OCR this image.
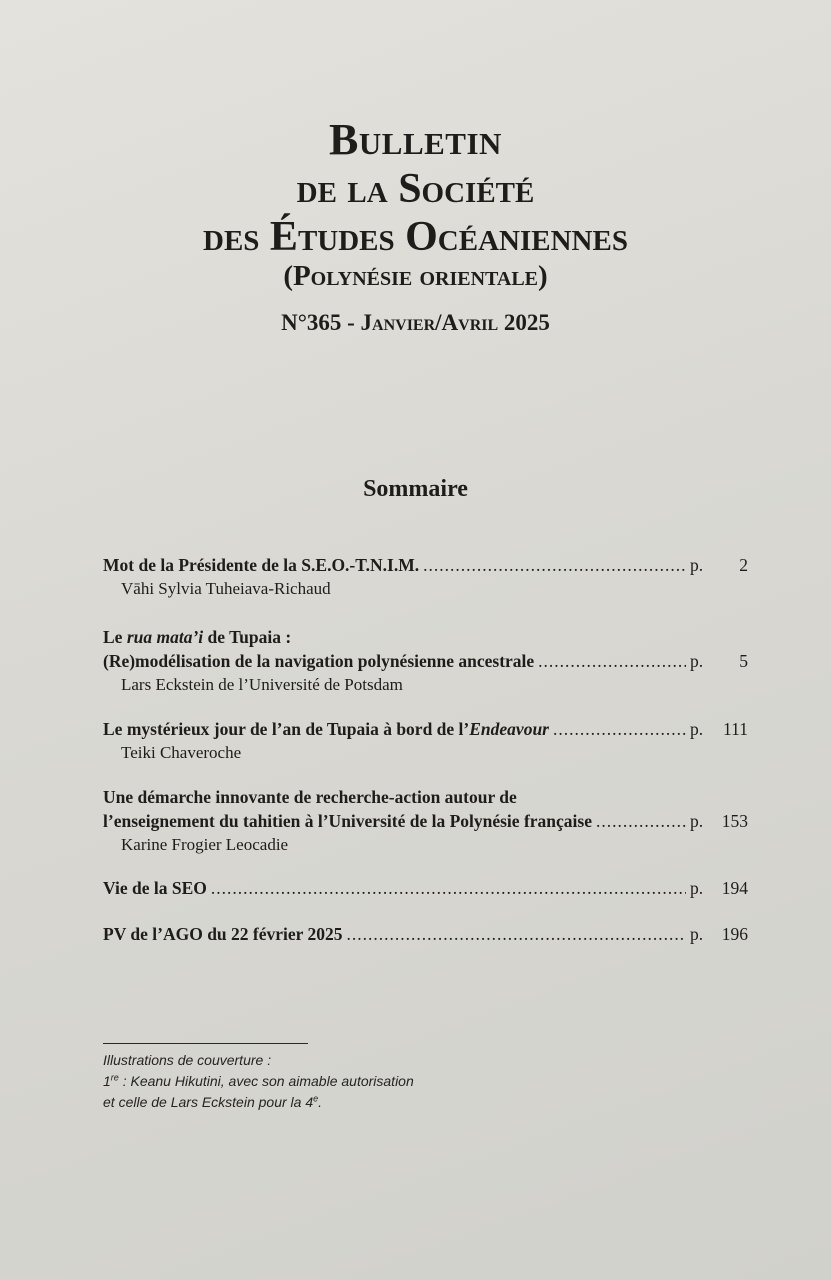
Bulletin
de la Société
des Études Océaniennes
(Polynésie orientale)
N°365 - Janvier/Avril 2025
Sommaire
Mot de la Présidente de la S.E.O.-T.N.I.M. .....	p. 2
Vāhi Sylvia Tuheiava-Richaud
Le rua mata’i de Tupaia :
(Re)modélisation de la navigation polynésienne ancestrale .....	p. 5
Lars Eckstein de l’Université de Potsdam
Le mystérieux jour de l’an de Tupaia à bord de l’Endeavour .....	p. 111
Teiki Chaveroche
Une démarche innovante de recherche-action autour de
l’enseignement du tahitien à l’Université de la Polynésie française .....	p. 153
Karine Frogier Leocadie
Vie de la SEO .....	p. 194
PV de l’AGO du 22 février 2025 .....	p. 196
Illustrations de couverture :
1re : Keanu Hikutini, avec son aimable autorisation
et celle de Lars Eckstein pour la 4e.
